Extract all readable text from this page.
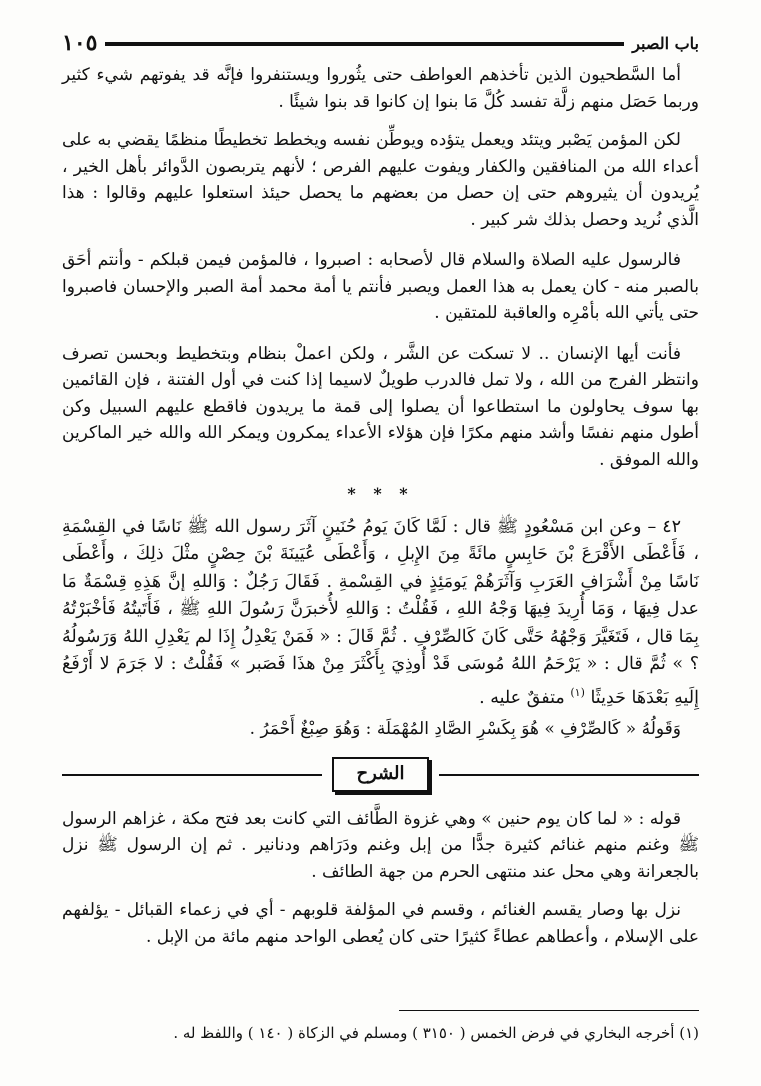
باب الصبر
١٠٥

أما السَّطحيون الذين تأخذهم العواطف حتى يثُوروا ويستنفروا فإنَّه قد يفوتهم شيء كثير وربما حَصَل منهم زلَّة تفسد كُلَّ مَا بنوا إن كانوا قد بنوا شيئًا .

لكن المؤمن يَصْبر ويتئد ويعمل يتؤده ويوطِّن نفسه ويخطط تخطيطًا منظمًا يقضي به على أعداء الله من المنافقين والكفار ويفوت عليهم الفرص ؛ لأنهم يتربصون الدَّوائر بأهل الخير ، يُريدون أن يثيروهم حتى إن حصل من بعضهم ما يحصل حيئذ استعلوا عليهم وقالوا : هذا الَّذي نُريد وحصل بذلك شر كبير .

فالرسول عليه الصلاة والسلام قال لأصحابه : اصبروا ، فالمؤمن فيمن قبلكم - وأنتم أحَق بالصبر منه - كان يعمل به هذا العمل ويصبر فأنتم يا أمة محمد أمة الصبر والإحسان فاصبروا حتى يأتي الله بأمْرِه والعاقبة للمتقين .

فأنت أيها الإنسان .. لا تسكت عن الشَّر ، ولكن اعملْ بنظام وبتخطيط وبحسن تصرف وانتظر الفرج من الله ، ولا تمل فالدرب طويلٌ لاسيما إذا كنت في أول الفتنة ، فإن القائمين بها سوف يحاولون ما استطاعوا أن يصلوا إلى قمة ما يريدون فاقطع عليهم السبيل وكن أطول منهم نفسًا وأشد منهم مكرًا فإن هؤلاء الأعداء يمكرون ويمكر الله والله خير الماكرين والله الموفق .

* * *

٤٢ – وعن ابن مَسْعُودٍ ﷺ قال : لَمَّا كَانَ يَومُ حُنَينٍ آثَرَ رسول الله ﷺ نَاسًا في القِسْمَةِ ، فَأَعْطَى الأَقْرَعَ بْنَ حَابِسٍ مائَةً مِنَ الإِبلِ ، وَأَعْطَى عُيَينَةَ بْنَ حِصْنٍ مثْلَ ذلِكَ ، وأَعْطَى نَاسًا مِنْ أَشْرَافِ العَرَبِ وَآثَرَهُمْ يَومَئِذٍ في القِسْمةِ . فَقَالَ رَجُلٌ : وَاللهِ إنَّ هَذِهِ قِسْمَةٌ مَا عدل فِيهَا ، وَمَا أُرِيدَ فِيهَا وَجْهُ اللهِ ، فَقُلْتُ : وَاللهِ لأُخبرَنَّ رَسُولَ اللهِ ﷺ ، فَأَتَيتُهُ فَأخْبَرْتُهُ بِمَا قال ، فَتَغَيَّرَ وَجْهُهُ حَتَّى كَانَ كَالصِّرْفِ . ثُمَّ قَالَ : « فَمَنْ يَعْدِلُ إِذَا لم يَعْدِلِ اللهُ وَرَسُولُهُ ؟ » ثُمَّ قال : « يَرْحَمُ اللهُ مُوسَى قَدْ أُوذِيَ بِأَكْثَرَ مِنْ هذَا فَصَبر » فَقُلْتُ : لا جَرَمَ لا أَرْفَعُ إِلَيهِ بَعْدَهَا حَدِيثًا $^{(١)}$ متفقٌ عليه .

وَقَولُهُ « كَالصِّرْفِ » هُوَ بِكَسْرِ الصَّادِ المُهْمَلَة : وَهُوَ صِبْغٌ أَحْمَرُ .

الشرح

قوله : « لما كان يوم حنين » وهي غزوة الطَّائف التي كانت بعد فتح مكة ، غزاهم الرسول ﷺ وغنم منهم غنائم كثيرة جدًّا من إبل وغنم ودَرَاهم ودنانير . ثم إن الرسول ﷺ نزل بالجعرانة وهي محل عند منتهى الحرم من جهة الطائف .

نزل بها وصار يقسم الغنائم ، وقسم في المؤلفة قلوبهم - أي في زعماء القبائل - يؤلفهم على الإسلام ، وأعطاهم عطاءً كثيرًا حتى كان يُعطى الواحد منهم مائة من الإبل .

(١) أخرجه البخاري في فرض الخمس ( ٣١٥٠ ) ومسلم في الزكاة ( ١٤٠ ) واللفظ له .
